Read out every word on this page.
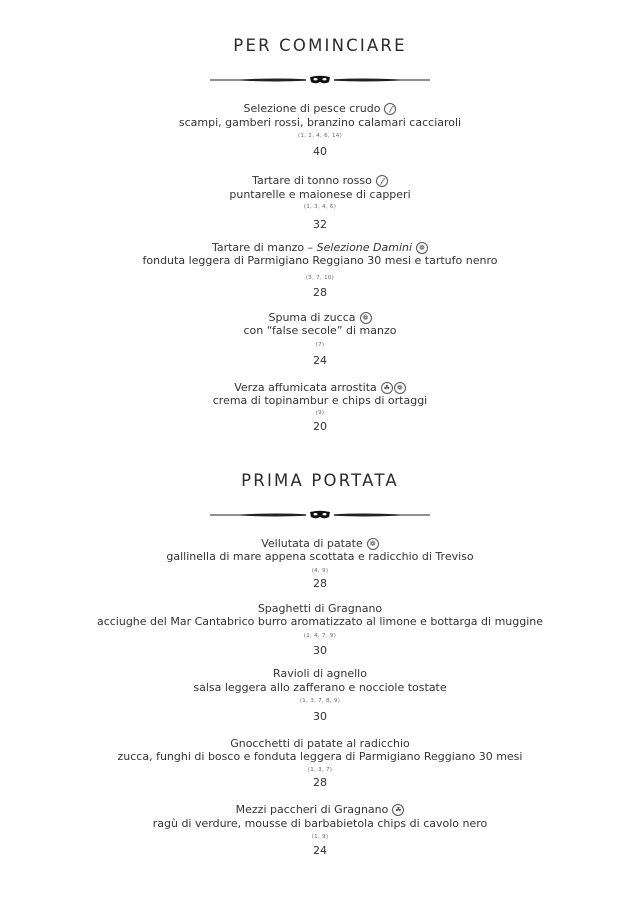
PER COMINCIARE
Selezione di pesce crudo 𝒻
scampi, gamberi rossi, branzino calamari cacciaroli
(1, 2, 4, 6, 14)
40
Tartare di tonno rosso 𝒻
puntarelle e maionese di capperi
(1, 3, 4, 6)
32
Tartare di manzo – Selezione Damini ❁
fonduta leggera di Parmigiano Reggiano 30 mesi e tartufo nenro
(3, 7, 10)
28
Spuma di zucca ❁
con “false secole” di manzo
(7)
24
Verza affumicata arrostita ☘ ❁
crema di topinambur e chips di ortaggi
(9)
20
PRIMA PORTATA
Vellutata di patate ❁
gallinella di mare appena scottata e radicchio di Treviso
(4, 9)
28
Spaghetti di Gragnano
acciughe del Mar Cantabrico burro aromatizzato al limone e bottarga di muggine
(1, 4, 7, 9)
30
Ravioli di agnello
salsa leggera allo zafferano e nocciole tostate
(1, 3, 7, 8, 9)
30
Gnocchetti di patate al radicchio
zucca, funghi di bosco e fonduta leggera di Parmigiano Reggiano 30 mesi
(1, 3, 7)
28
Mezzi paccheri di Gragnano ☘
ragù di verdure, mousse di barbabietola chips di cavolo nero
(1, 9)
24
